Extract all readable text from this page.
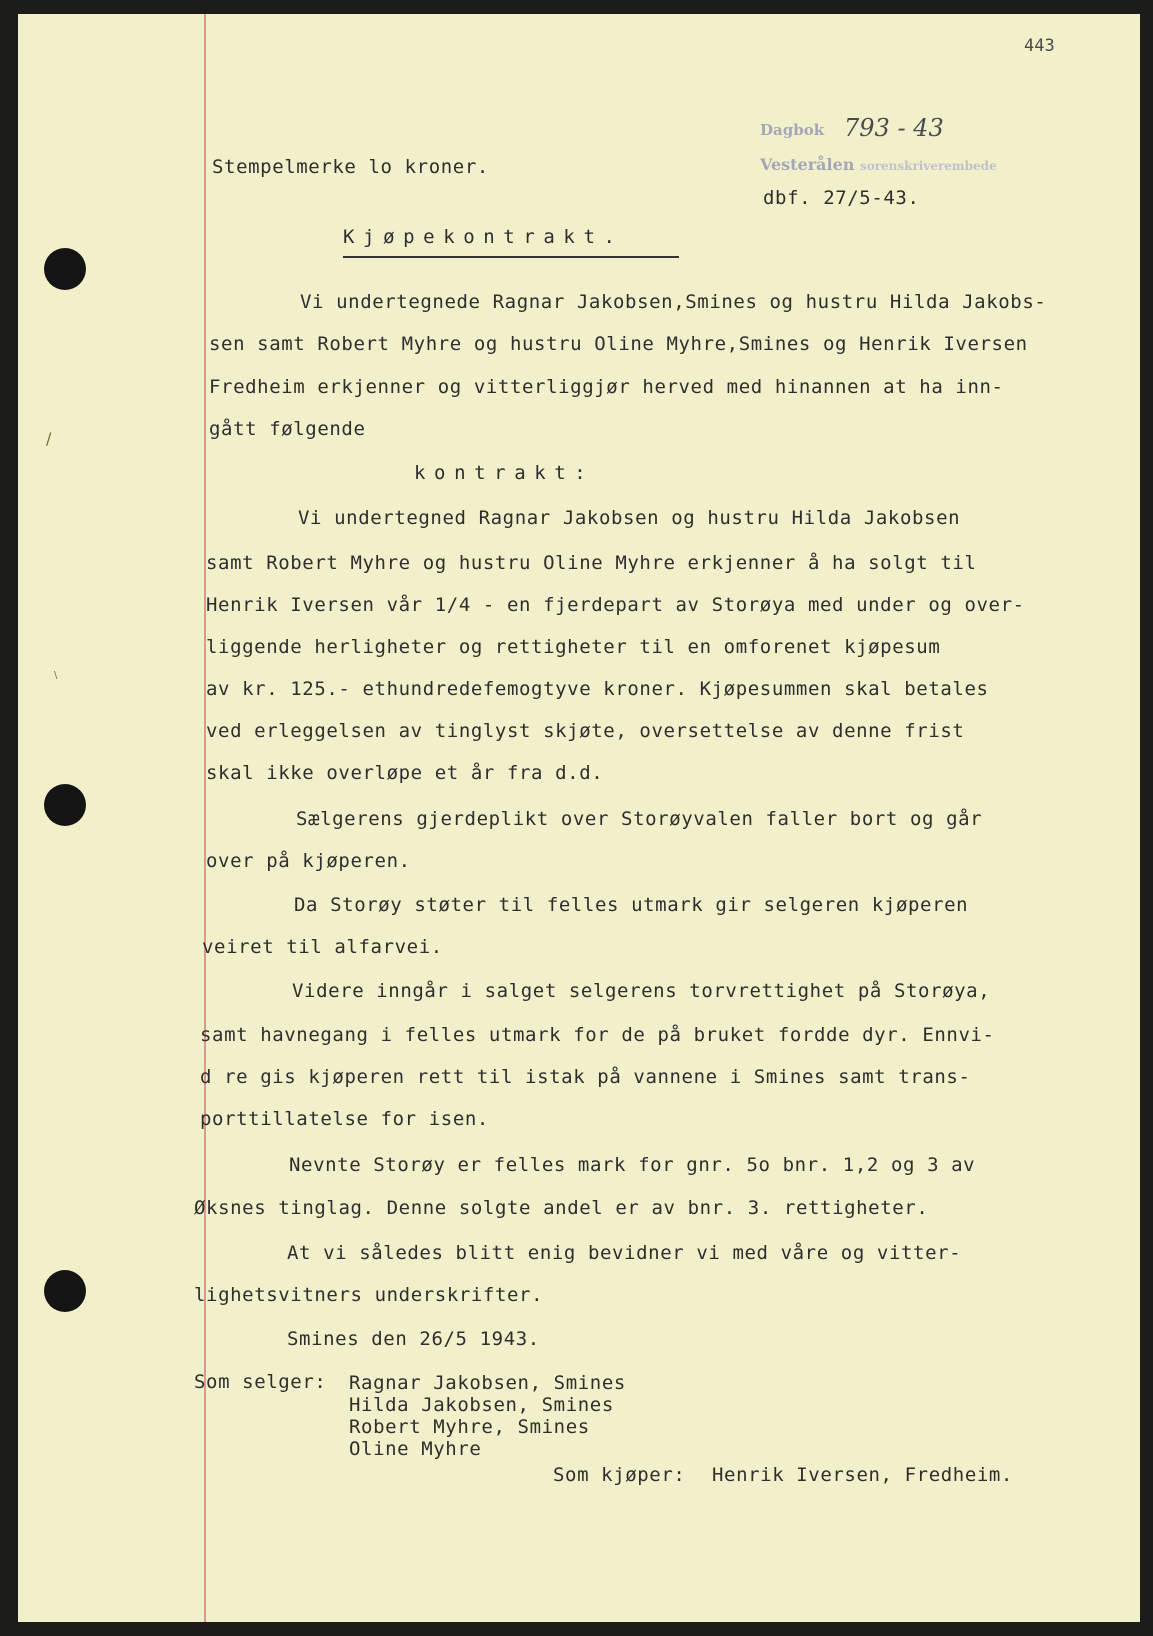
/
\
443
Dagbok 793 - 43
Vesterålen sorenskriverembede
Stempelmerke lo kroner.
dbf. 27/5-43.
Kjøpekontrakt.
Vi undertegnede Ragnar Jakobsen,Smines og hustru Hilda Jakobs-
sen samt Robert Myhre og hustru Oline Myhre,Smines og Henrik Iversen
Fredheim erkjenner og vitterliggjør herved med hinannen at ha inn-
gått følgende
kontrakt:
Vi undertegned Ragnar Jakobsen og hustru Hilda Jakobsen
samt Robert Myhre og hustru Oline Myhre erkjenner å ha solgt til
Henrik Iversen vår 1/4 - en fjerdepart av Storøya med under og over-
liggende herligheter og rettigheter til en omforenet kjøpesum
av kr. 125.- ethundredefemogtyve kroner. Kjøpesummen skal betales
ved erleggelsen av tinglyst skjøte, oversettelse av denne frist
skal ikke overløpe et år fra d.d.
Sælgerens gjerdeplikt over Storøyvalen faller bort og går
over på kjøperen.
Da Storøy støter til felles utmark gir selgeren kjøperen
veiret til alfarvei.
Videre inngår i salget selgerens torvrettighet på Storøya,
samt havnegang i felles utmark for de på bruket fordde dyr. Ennvi-
d re gis kjøperen rett til istak på vannene i Smines samt trans-
porttillatelse for isen.
Nevnte Storøy er felles mark for gnr. 5o bnr. 1,2 og 3 av
Øksnes tinglag. Denne solgte andel er av bnr. 3. rettigheter.
At vi således blitt enig bevidner vi med våre og vitter-
lighetsvitners underskrifter.
Smines den 26/5 1943.
Som selger: Ragnar Jakobsen, Smines
Hilda Jakobsen, Smines
Robert Myhre, Smines
Oline Myhre
Som kjøper: Henrik Iversen, Fredheim.
